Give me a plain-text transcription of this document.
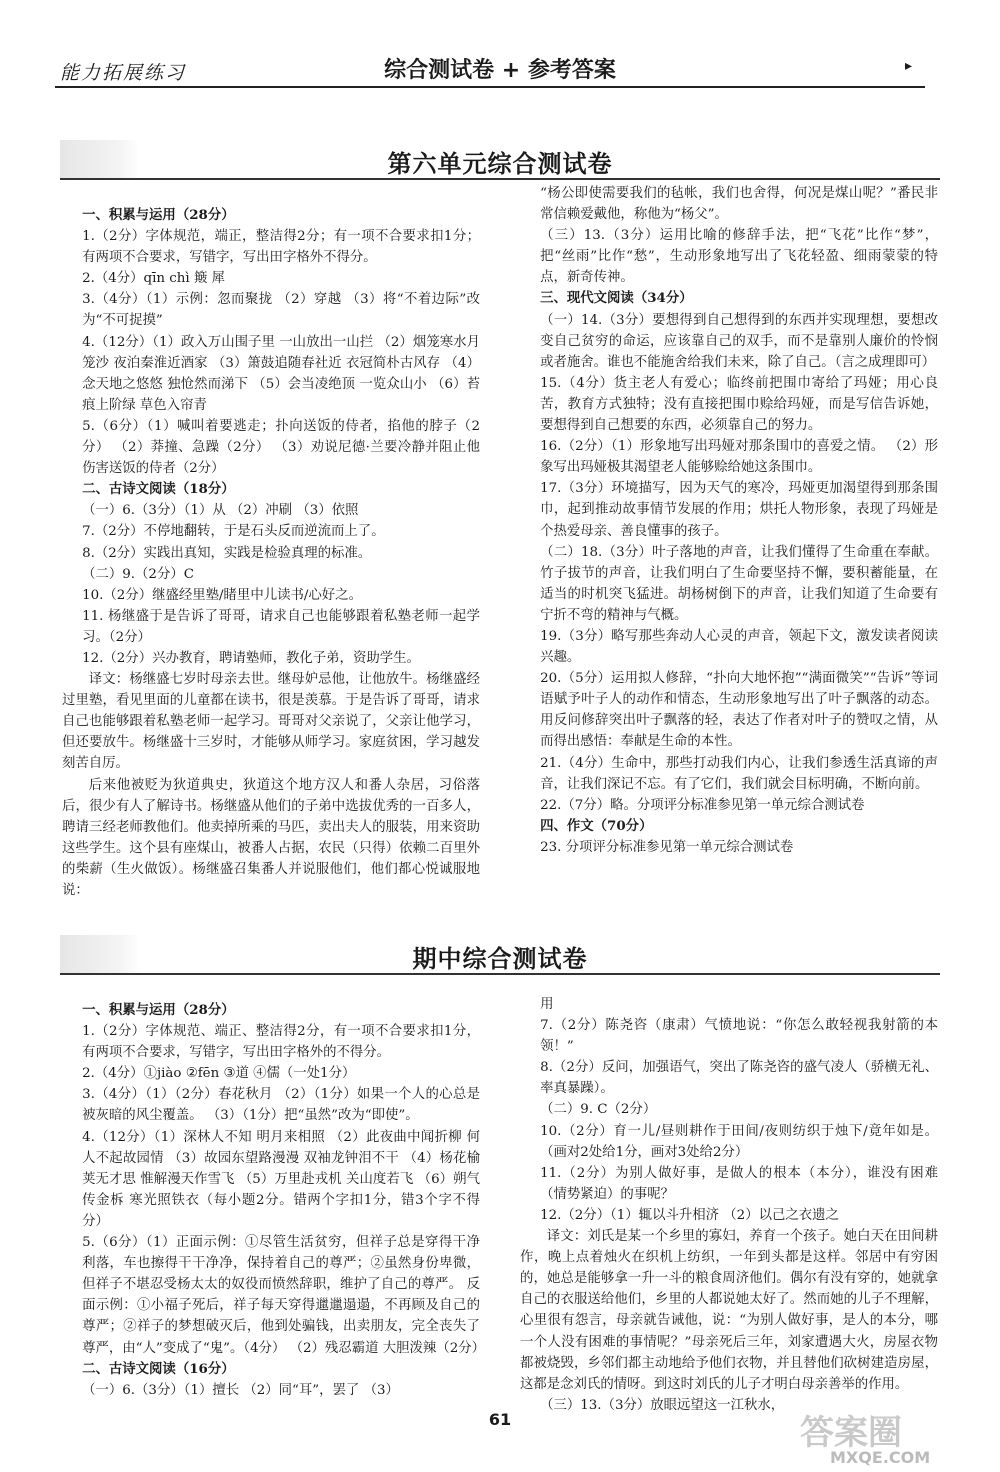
能力拓展练习	综合测试卷 + 参考答案	▸
第六单元综合测试卷

一、积累与运用（28分）

1.（2分）字体规范，端正，整洁得2分；有一项不合要求扣1分；有两项不合要求，写错字，写出田字格外不得分。

2.（4分）qīn chì 簸 犀

3.（4分）（1）示例：忽而聚拢 （2）穿越 （3）将“不着边际”改为“不可捉摸”

4.（12分）（1）政入万山围子里 一山放出一山拦 （2）烟笼寒水月笼沙 夜泊秦淮近酒家 （3）箫鼓追随春社近 衣冠简朴古风存 （4）念天地之悠悠 独怆然而涕下 （5）会当凌绝顶 一览众山小 （6）苔痕上阶绿 草色入帘青

5.（6分）（1）喊叫着要逃走；扑向送饭的侍者，掐他的脖子（2分） （2）莽撞、急躁（2分） （3）劝说尼德·兰要冷静并阻止他伤害送饭的侍者（2分）

二、古诗文阅读（18分）

（一）6.（3分）（1）从 （2）冲刷 （3）依照

7.（2分）不停地翻转，于是石头反而逆流而上了。

8.（2分）实践出真知，实践是检验真理的标准。

（二）9.（2分）C

10.（2分）继盛经里塾/睹里中儿读书/心好之。

11. 杨继盛于是告诉了哥哥，请求自己也能够跟着私塾老师一起学习。（2分）

12.（2分）兴办教育，聘请塾师，教化子弟，资助学生。

译文：杨继盛七岁时母亲去世。继母妒忌他，让他放牛。杨继盛经过里塾，看见里面的儿童都在读书，很是羡慕。于是告诉了哥哥，请求自己也能够跟着私塾老师一起学习。哥哥对父亲说了，父亲让他学习，但还要放牛。杨继盛十三岁时，才能够从师学习。家庭贫困，学习越发刻苦自厉。

后来他被贬为狄道典史，狄道这个地方汉人和番人杂居，习俗落后，很少有人了解诗书。杨继盛从他们的子弟中选拔优秀的一百多人，聘请三经老师教他们。他卖掉所乘的马匹，卖出夫人的服装，用来资助这些学生。这个县有座煤山，被番人占据，农民（只得）依赖二百里外的柴薪（生火做饭）。杨继盛召集番人并说服他们，他们都心悦诚服地说：

“杨公即使需要我们的毡帐，我们也舍得，何况是煤山呢？”番民非常信赖爱戴他，称他为“杨父”。

（三）13.（3分）运用比喻的修辞手法，把“飞花”比作“梦”，把“丝雨”比作“愁”，生动形象地写出了飞花轻盈、细雨蒙蒙的特点，新奇传神。

三、现代文阅读（34分）

（一）14.（3分）要想得到自己想得到的东西并实现理想，要想改变自己贫穷的命运，应该靠自己的双手，而不是靠别人廉价的怜悯或者施舍。谁也不能施舍给我们未来，除了自己。（言之成理即可）

15.（4分）货主老人有爱心；临终前把围巾寄给了玛娅；用心良苦，教育方式独特；没有直接把围巾赊给玛娅，而是写信告诉她，要想得到自己想要的东西，必须靠自己的努力。

16.（2分）（1）形象地写出玛娅对那条围巾的喜爱之情。 （2）形象写出玛娅极其渴望老人能够赊给她这条围巾。

17.（3分）环境描写，因为天气的寒冷，玛娅更加渴望得到那条围巾，起到推动故事情节发展的作用；烘托人物形象，表现了玛娅是个热爱母亲、善良懂事的孩子。

（二）18.（3分）叶子落地的声音，让我们懂得了生命重在奉献。竹子拔节的声音，让我们明白了生命要坚持不懈，要积蓄能量，在适当的时机突飞猛进。胡杨树倒下的声音，让我们知道了生命要有宁折不弯的精神与气概。

19.（3分）略写那些奔动人心灵的声音，领起下文，激发读者阅读兴趣。

20.（5分）运用拟人修辞，“扑向大地怀抱”“满面微笑”“告诉”等词语赋予叶子人的动作和情态，生动形象地写出了叶子飘落的动态。用反问修辞突出叶子飘落的轻，表达了作者对叶子的赞叹之情，从而得出感悟：奉献是生命的本性。

21.（4分）生命中，那些打动我们内心，让我们参透生活真谛的声音，让我们深记不忘。有了它们，我们就会目标明确，不断向前。

22.（7分）略。分项评分标准参见第一单元综合测试卷

四、作文（70分）

23. 分项评分标准参见第一单元综合测试卷

期中综合测试卷

一、积累与运用（28分）

1.（2分）字体规范、端正、整洁得2分，有一项不合要求扣1分，有两项不合要求，写错字，写出田字格外的不得分。

2.（4分）①jiào ②fēn ③道 ④儒（一处1分）

3.（4分）（1）（2分）春花秋月 （2）（1分）如果一个人的心总是被灰暗的风尘覆盖。 （3）（1分）把“虽然”改为“即使”。

4.（12分）（1）深林人不知 明月来相照 （2）此夜曲中闻折柳 何人不起故园情 （3）故园东望路漫漫 双袖龙钟泪不干 （4）杨花榆荚无才思 惟解漫天作雪飞 （5）万里赴戎机 关山度若飞 （6）朔气传金柝 寒光照铁衣（每小题2分。错两个字扣1分，错3个字不得分）

5.（6分）（1）正面示例：①尽管生活贫穷，但祥子总是穿得干净利落，车也擦得干干净净，保持着自己的尊严；②虽然身份卑微，但祥子不堪忍受杨太太的奴役而愤然辞职，维护了自己的尊严。 反面示例：①小福子死后，祥子每天穿得邋邋遢遢，不再顾及自己的尊严；②祥子的梦想破灭后，他到处骗钱，出卖朋友，完全丧失了尊严，由“人”变成了“鬼”。（4分） （2）残忍霸道 大胆泼辣（2分）

二、古诗文阅读（16分）

（一）6.（3分）（1）擅长 （2）同“耳”，罢了 （3）

用

7.（2分）陈尧咨（康肃）气愤地说：“你怎么敢轻视我射箭的本领！”

8.（2分）反问，加强语气，突出了陈尧咨的盛气凌人（骄横无礼、率真暴躁）。

（二）9. C（2分）

10.（2分）育一儿/昼则耕作于田间/夜则纺织于烛下/竟年如是。（画对2处给1分，画对3处给2分）

11.（2分）为别人做好事，是做人的根本（本分），谁没有困难（情势紧迫）的事呢？

12.（2分）（1）辄以斗升相济 （2）以己之衣遗之

译文：刘氏是某一个乡里的寡妇，养育一个孩子。她白天在田间耕作，晚上点着烛火在织机上纺织，一年到头都是这样。邻居中有穷困的，她总是能够拿一升一斗的粮食周济他们。偶尔有没有穿的，她就拿自己的衣服送给他们，乡里的人都说她太好了。然而她的儿子不理解，心里很有怨言，母亲就告诫他，说：“为别人做好事，是人的本分，哪一个人没有困难的事情呢？”母亲死后三年，刘家遭遇大火，房屋衣物都被烧毁，乡邻们都主动地给予他们衣物，并且替他们砍树建造房屋，这都是念刘氏的情呀。到这时刘氏的儿子才明白母亲善举的作用。

（三）13.（3分）放眼远望这一江秋水，

61	答案圈
MXQE.COM
